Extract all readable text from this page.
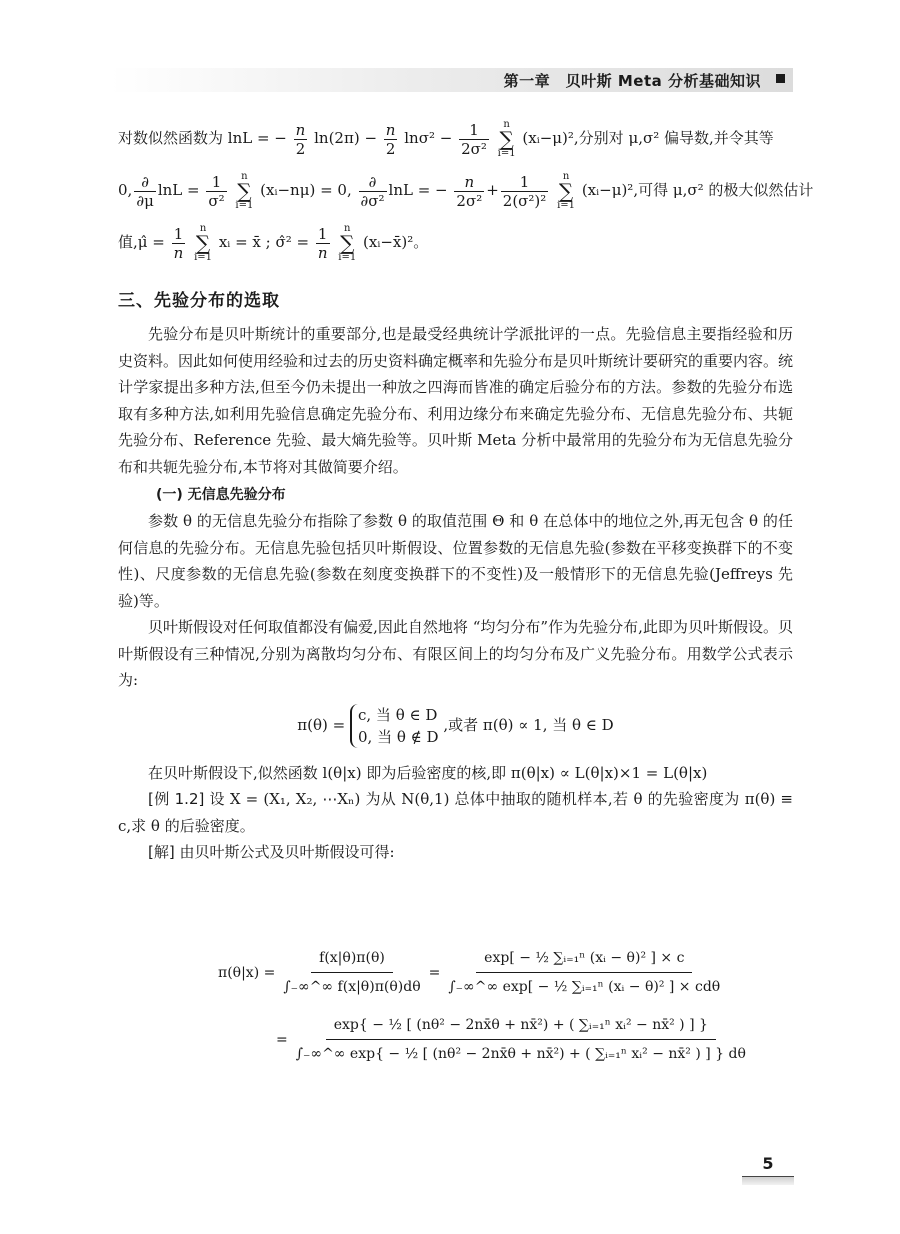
第一章　贝叶斯 Meta 分析基础知识
对数似然函数为 lnL = − $\frac{n}{2} \ln(2\pi) - \frac{n}{2} \ln\sigma^2 - \frac{1}{\text{2σ²}}$ n
∑
i=1 (xᵢ−μ)²,分别对 μ,σ² 偏导数,并令其等
0, $\frac{\partial}{\partial\mu}$ $\ln L = \frac{1}{\text{σ²}}$ n
∑
i=1 (xᵢ−nμ) = 0, $\frac{\partial}{\text{∂σ²}}$ lnL = − $\frac{n}{\text{2σ²}} + \frac{1}{\text{2(σ²)²}}$ n
∑
i=1 (xᵢ−μ)²,可得 μ,σ² 的极大似然估计
值,μ̂ = $\frac{1}{n}$ n
∑
i=1 xᵢ = x̄ ; σ̂² = $\frac{1}{n}$ n
∑
i=1 (xᵢ−x̄)²。
三、先验分布的选取

先验分布是贝叶斯统计的重要部分,也是最受经典统计学派批评的一点。先验信息主要指经验和历史资料。因此如何使用经验和过去的历史资料确定概率和先验分布是贝叶斯统计要研究的重要内容。统计学家提出多种方法,但至今仍未提出一种放之四海而皆准的确定后验分布的方法。参数的先验分布选取有多种方法,如利用先验信息确定先验分布、利用边缘分布来确定先验分布、无信息先验分布、共轭先验分布、Reference 先验、最大熵先验等。贝叶斯 Meta 分析中最常用的先验分布为无信息先验分布和共轭先验分布,本节将对其做简要介绍。

(一) 无信息先验分布

参数 θ 的无信息先验分布指除了参数 θ 的取值范围 Θ 和 θ 在总体中的地位之外,再无包含 θ 的任何信息的先验分布。无信息先验包括贝叶斯假设、位置参数的无信息先验(参数在平移变换群下的不变性)、尺度参数的无信息先验(参数在刻度变换群下的不变性)及一般情形下的无信息先验(Jeffreys 先验)等。

贝叶斯假设对任何取值都没有偏爱,因此自然地将 “均匀分布”作为先验分布,此即为贝叶斯假设。贝叶斯假设有三种情况,分别为离散均匀分布、有限区间上的均匀分布及广义先验分布。用数学公式表示为:

π(θ) = c, 当 θ ∈ D
0, 当 θ ∉ D ,或者 π(θ) ∝ 1, 当 θ ∈ D

在贝叶斯假设下,似然函数 l(θ|x) 即为后验密度的核,即 π(θ|x) ∝ L(θ|x)×1 = L(θ|x)

[例 1.2] 设 X = (X₁, X₂, ⋯Xₙ) 为从 N(θ,1) 总体中抽取的随机样本,若 θ 的先验密度为 π(θ) ≡ c,求 θ 的后验密度。

[解] 由贝叶斯公式及贝叶斯假设可得:

$\pi(\theta|x) = \frac{f(x|\theta)\pi(\theta)}{\int_-\infty\^{}\infty f(x|\theta)\pi(\theta)d\theta} = \frac{\text{exp[ − ½ ∑ᵢ₌₁ⁿ (xᵢ − θ)² ] × c}}{\text{∫₋∞\textasciicircum{}∞ exp[ − ½ ∑ᵢ₌₁ⁿ (xᵢ − θ)² ] × cdθ}}$
=
exp{ − ½ [ (nθ² − 2nx̄θ + nx̄²) + ( ∑ᵢ₌₁ⁿ xᵢ² − nx̄² ) ] }
∫₋∞^∞ exp{ − ½ [ (nθ² − 2nx̄θ + nx̄²) + ( ∑ᵢ₌₁ⁿ xᵢ² − nx̄² ) ] } dθ
5
